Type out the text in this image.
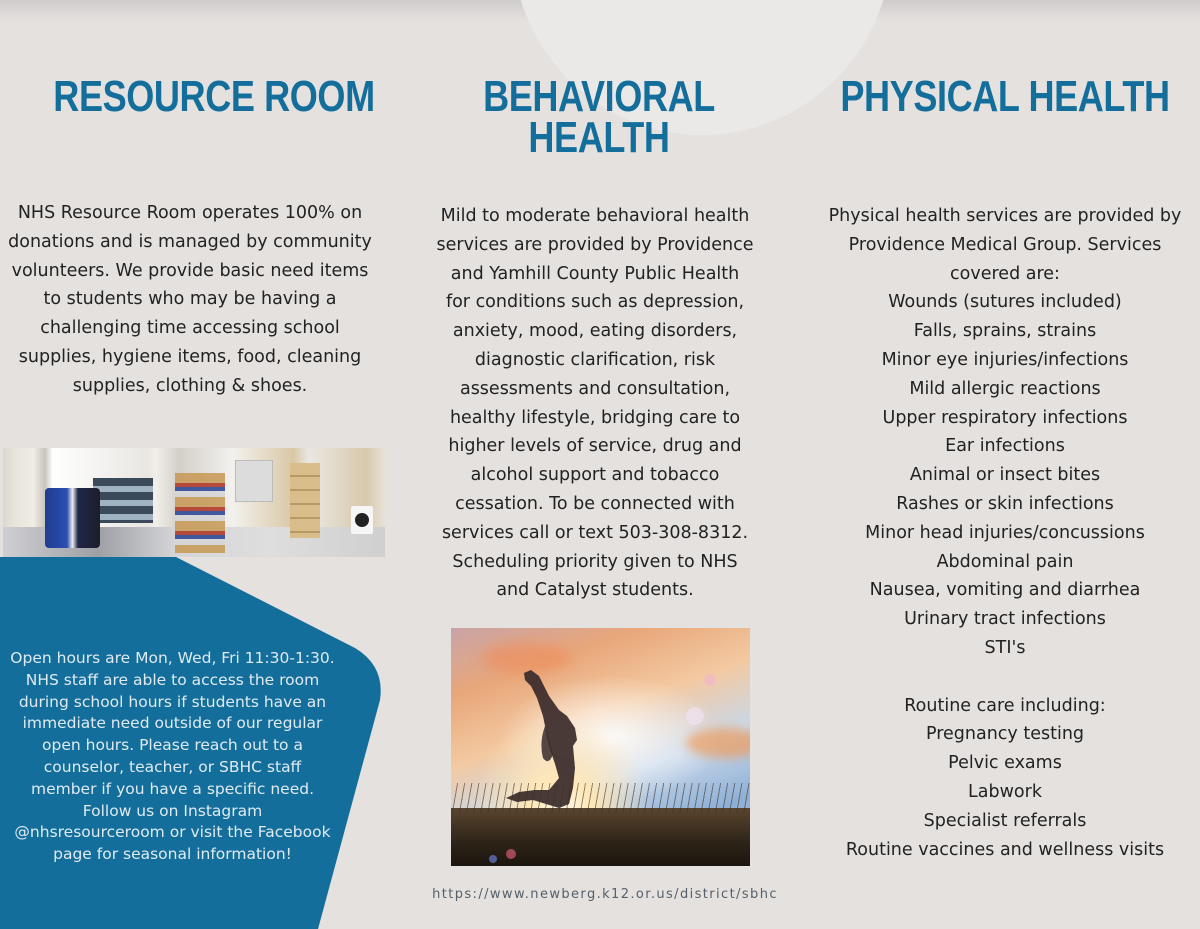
RESOURCE ROOM
NHS Resource Room operates 100% on
donations and is managed by community
volunteers. We provide basic need items
to students who may be having a
challenging time accessing school
supplies, hygiene items, food, cleaning
supplies, clothing & shoes.
Open hours are Mon, Wed, Fri 11:30-1:30.
NHS staff are able to access the room
during school hours if students have an
immediate need outside of our regular
open hours. Please reach out to a
counselor, teacher, or SBHC staff
member if you have a specific need.
Follow us on Instagram
@nhsresourceroom or visit the Facebook
page for seasonal information!
BEHAVIORAL
HEALTH
Mild to moderate behavioral health
services are provided by Providence
and Yamhill County Public Health
for conditions such as depression,
anxiety, mood, eating disorders,
diagnostic clarification, risk
assessments and consultation,
healthy lifestyle, bridging care to
higher levels of service, drug and
alcohol support and tobacco
cessation. To be connected with
services call or text 503-308-8312.
Scheduling priority given to NHS
and Catalyst students.
PHYSICAL HEALTH
Physical health services are provided by
Providence Medical Group. Services
covered are:
Wounds (sutures included)
Falls, sprains, strains
Minor eye injuries/infections
Mild allergic reactions
Upper respiratory infections
Ear infections
Animal or insect bites
Rashes or skin infections
Minor head injuries/concussions
Abdominal pain
Nausea, vomiting and diarrhea
Urinary tract infections
STI's

Routine care including:
Pregnancy testing
Pelvic exams
Labwork
Specialist referrals
Routine vaccines and wellness visits
https://www.newberg.k12.or.us/district/sbhc
